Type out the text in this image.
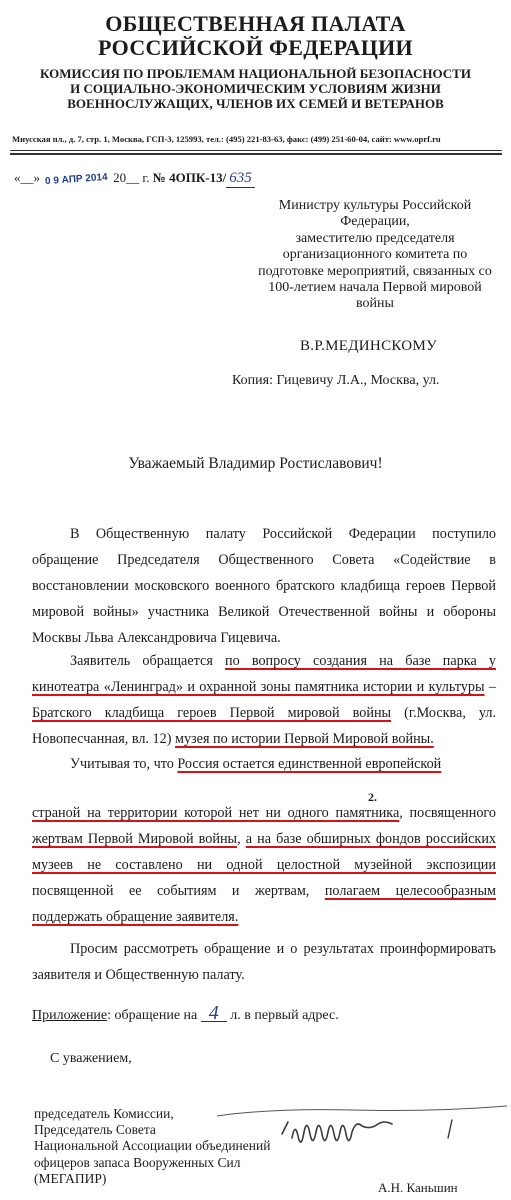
ОБЩЕСТВЕННАЯ ПАЛАТА
РОССИЙСКОЙ ФЕДЕРАЦИИ
КОМИССИЯ ПО ПРОБЛЕМАМ НАЦИОНАЛЬНОЙ БЕЗОПАСНОСТИ
И СОЦИАЛЬНО-ЭКОНОМИЧЕСКИМ УСЛОВИЯМ ЖИЗНИ
ВОЕННОСЛУЖАЩИХ, ЧЛЕНОВ ИХ СЕМЕЙ И ВЕТЕРАНОВ
Миусская пл., д. 7, стр. 1, Москва, ГСП-3, 125993, тел.: (495) 221-83-63, факс: (499) 251-60-04, сайт: www.oprf.ru
«__» 0 9 АПР 2014 20__ г. № 4ОПК-13/ 635
Министру культуры Российской
Федерации,
заместителю председателя
организационного комитета по
подготовке мероприятий, связанных со
100-летием начала Первой мировой
войны
В.Р.МЕДИНСКОМУ
Копия: Гицевичу Л.А., Москва, ул.
Уважаемый Владимир Ростиславович!
В Общественную палату Российской Федерации поступило обращение Председателя Общественного Совета «Содействие в восстановлении московского военного братского кладбища героев Первой мировой войны» участника Великой Отечественной войны и обороны Москвы Льва Александровича Гицевича.
Заявитель обращается по вопросу создания на базе парка у кинотеатра «Ленинград» и охранной зоны памятника истории и культуры – Братского кладбища героев Первой мировой войны (г.Москва, ул. Новопесчанная, вл. 12) музея по истории Первой Мировой войны.
Учитывая то, что Россия остается единственной европейской
2.
страной на территории которой нет ни одного памятника, посвященного жертвам Первой Мировой войны, а на базе обширных фондов российских музеев не составлено ни одной целостной музейной экспозиции посвященной ее событиям и жертвам, полагаем целесообразным поддержать обращение заявителя.
Просим рассмотреть обращение и о результатах проинформировать заявителя и Общественную палату.
Приложение: обращение на 4 л. в первый адрес.
С уважением,
председатель Комиссии,
Председатель Совета
Национальной Ассоциации объединений
офицеров запаса Вооруженных Сил
(МЕГАПИР)
А.Н. Каньшин
